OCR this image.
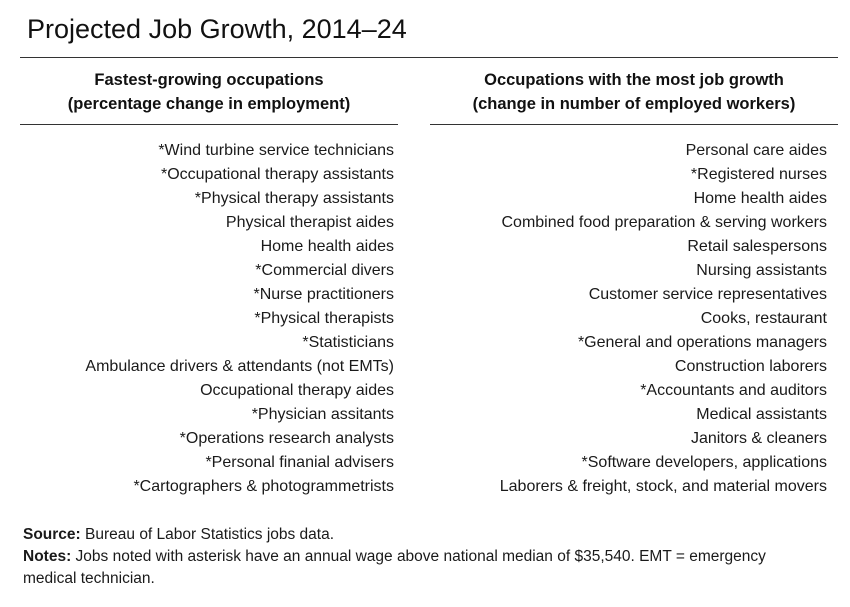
Projected Job Growth, 2014–24
Fastest-growing occupations
(percentage change in employment)
*Wind turbine service technicians
*Occupational therapy assistants
*Physical therapy assistants
Physical therapist aides
Home health aides
*Commercial divers
*Nurse practitioners
*Physical therapists
*Statisticians
Ambulance drivers & attendants (not EMTs)
Occupational therapy aides
*Physician assitants
*Operations research analysts
*Personal finanial advisers
*Cartographers & photogrammetrists
Occupations with the most job growth
(change in number of employed workers)
Personal care aides
*Registered nurses
Home health aides
Combined food preparation & serving workers
Retail salespersons
Nursing assistants
Customer service representatives
Cooks, restaurant
*General and operations managers
Construction laborers
*Accountants and auditors
Medical assistants
Janitors & cleaners
*Software developers, applications
Laborers & freight, stock, and material movers
Source: Bureau of Labor Statistics jobs data.
Notes: Jobs noted with asterisk have an annual wage above national median of $35,540. EMT = emergency medical technician.
